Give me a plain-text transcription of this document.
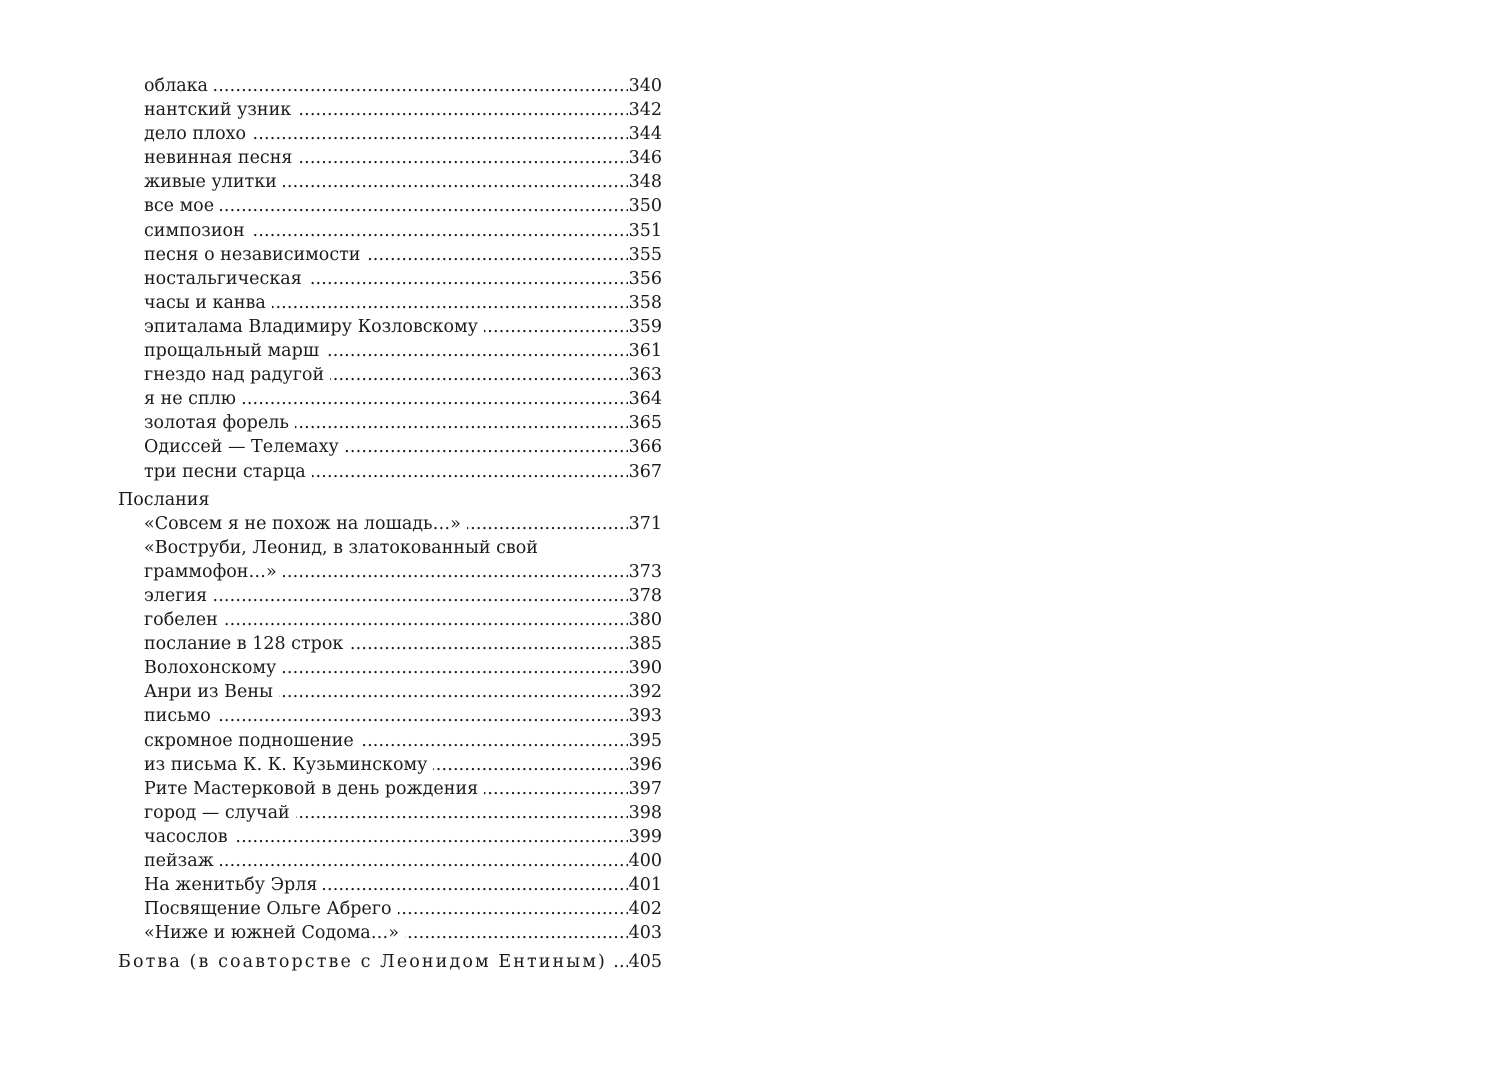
облака . . .	340
нантский узник . . .	342
дело плохо . . .	344
невинная песня . . .	346
живые улитки . . .	348
все мое . . .	350
симпозион . . .	351
песня о независимости . . .	355
ностальгическая . . .	356
часы и канва . . .	358
эпиталама Владимиру Козловскому . . .	359
прощальный марш . . .	361
гнездо над радугой . . .	363
я не сплю . . .	364
золотая форель . . .	365
Одиссей — Телемаху . . .	366
три песни старца . . .	367
Послания
«Совсем я не похож на лошадь…» . . .	371
«Воструби, Леонид, в златокованный свой
граммофон…» . . .	373
элегия . . .	378
гобелен . . .	380
послание в 128 строк . . .	385
Волохонскому . . .	390
Анри из Вены . . .	392
письмо . . .	393
скромное подношение . . .	395
из письма К. К. Кузьминскому . . .	396
Рите Мастерковой в день рождения . . .	397
город — случай . . .	398
часослов . . .	399
пейзаж . . .	400
На женитьбу Эрля . . .	401
Посвящение Ольге Абрего . . .	402
«Ниже и южней Содома…» . . .	403
Ботва (в соавторстве с Леонидом Ентиным) . . . 405
